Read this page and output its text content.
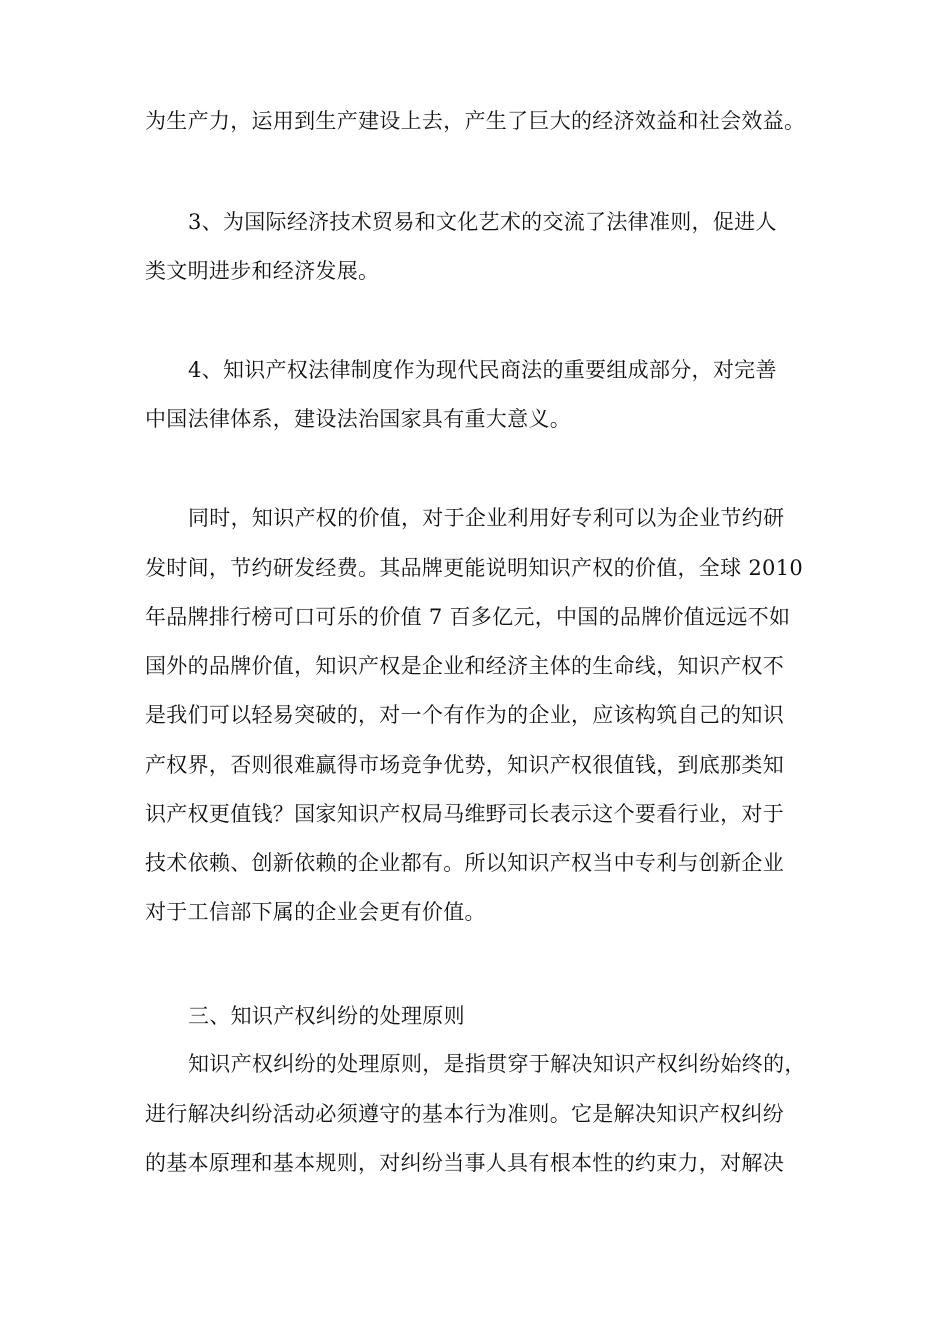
为生产力，运用到生产建设上去，产生了巨大的经济效益和社会效益。
3、为国际经济技术贸易和文化艺术的交流了法律准则，促进人
类文明进步和经济发展。
4、知识产权法律制度作为现代民商法的重要组成部分，对完善
中国法律体系，建设法治国家具有重大意义。
同时，知识产权的价值，对于企业利用好专利可以为企业节约研
发时间，节约研发经费。其品牌更能说明知识产权的价值，全球 2010
年品牌排行榜可口可乐的价值 7 百多亿元，中国的品牌价值远远不如
国外的品牌价值，知识产权是企业和经济主体的生命线，知识产权不
是我们可以轻易突破的，对一个有作为的企业，应该构筑自己的知识
产权界，否则很难赢得市场竞争优势，知识产权很值钱，到底那类知
识产权更值钱？国家知识产权局马维野司长表示这个要看行业，对于
技术依赖、创新依赖的企业都有。所以知识产权当中专利与创新企业
对于工信部下属的企业会更有价值。
三、知识产权纠纷的处理原则
知识产权纠纷的处理原则，是指贯穿于解决知识产权纠纷始终的，
进行解决纠纷活动必须遵守的基本行为准则。它是解决知识产权纠纷
的基本原理和基本规则，对纠纷当事人具有根本性的约束力，对解决
